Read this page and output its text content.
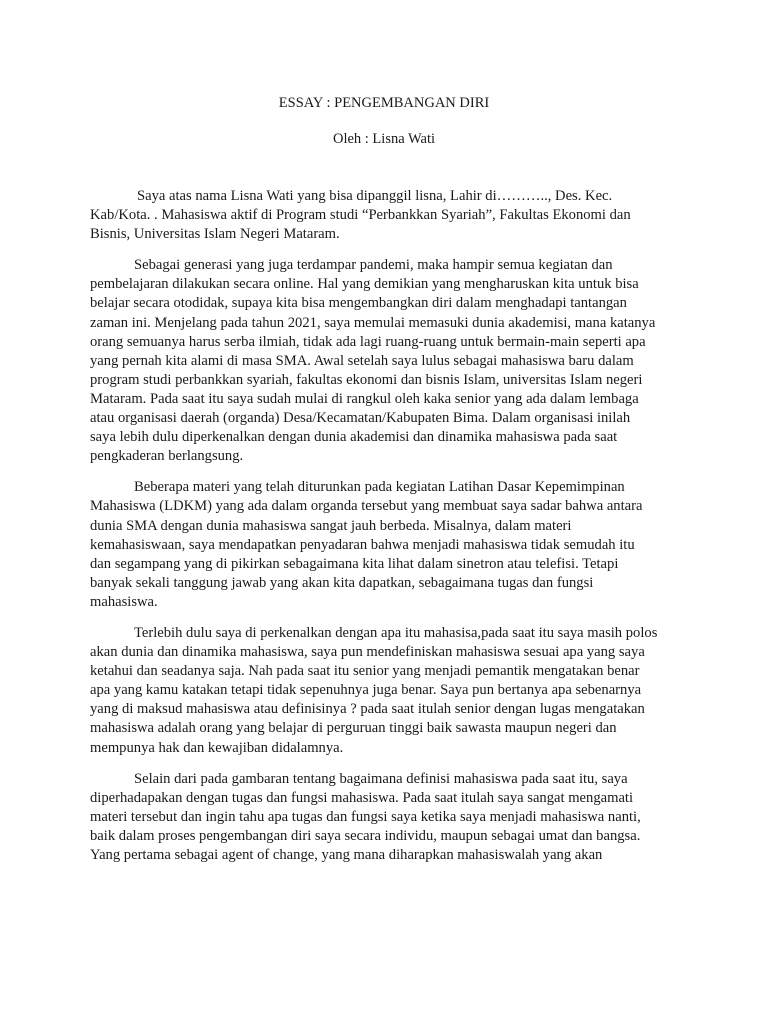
ESSAY : PENGEMBANGAN DIRI
Oleh : Lisna Wati

Saya atas nama Lisna Wati yang bisa dipanggil lisna, Lahir di……….., Des. Kec.
Kab/Kota. . Mahasiswa aktif di Program studi “Perbankkan Syariah”, Fakultas Ekonomi dan
Bisnis, Universitas Islam Negeri Mataram.

Sebagai generasi yang juga terdampar pandemi, maka hampir semua kegiatan dan
pembelajaran dilakukan secara online. Hal yang demikian yang mengharuskan kita untuk bisa
belajar secara otodidak, supaya kita bisa mengembangkan diri dalam menghadapi tantangan
zaman ini. Menjelang pada tahun 2021, saya memulai memasuki dunia akademisi, mana katanya
orang semuanya harus serba ilmiah, tidak ada lagi ruang-ruang untuk bermain-main seperti apa
yang pernah kita alami di masa SMA. Awal setelah saya lulus sebagai mahasiswa baru dalam
program studi perbankkan syariah, fakultas ekonomi dan bisnis Islam, universitas Islam negeri
Mataram. Pada saat itu saya sudah mulai di rangkul oleh kaka senior yang ada dalam lembaga
atau organisasi daerah (organda) Desa/Kecamatan/Kabupaten Bima. Dalam organisasi inilah
saya lebih dulu diperkenalkan dengan dunia akademisi dan dinamika mahasiswa pada saat
pengkaderan berlangsung.

Beberapa materi yang telah diturunkan pada kegiatan Latihan Dasar Kepemimpinan
Mahasiswa (LDKM) yang ada dalam organda tersebut yang membuat saya sadar bahwa antara
dunia SMA dengan dunia mahasiswa sangat jauh berbeda. Misalnya, dalam materi
kemahasiswaan, saya mendapatkan penyadaran bahwa menjadi mahasiswa tidak semudah itu
dan segampang yang di pikirkan sebagaimana kita lihat dalam sinetron atau telefisi. Tetapi
banyak sekali tanggung jawab yang akan kita dapatkan, sebagaimana tugas dan fungsi
mahasiswa.

Terlebih dulu saya di perkenalkan dengan apa itu mahasisa,pada saat itu saya masih polos
akan dunia dan dinamika mahasiswa, saya pun mendefiniskan mahasiswa sesuai apa yang saya
ketahui dan seadanya saja. Nah pada saat itu senior yang menjadi pemantik mengatakan benar
apa yang kamu katakan tetapi tidak sepenuhnya juga benar. Saya pun bertanya apa sebenarnya
yang di maksud mahasiswa atau definisinya ? pada saat itulah senior dengan lugas mengatakan
mahasiswa adalah orang yang belajar di perguruan tinggi baik sawasta maupun negeri dan
mempunya hak dan kewajiban didalamnya.

Selain dari pada gambaran tentang bagaimana definisi mahasiswa pada saat itu, saya
diperhadapakan dengan tugas dan fungsi mahasiswa. Pada saat itulah saya sangat mengamati
materi tersebut dan ingin tahu apa tugas dan fungsi saya ketika saya menjadi mahasiswa nanti,
baik dalam proses pengembangan diri saya secara individu, maupun sebagai umat dan bangsa.
Yang pertama sebagai agent of change, yang mana diharapkan mahasiswalah yang akan
